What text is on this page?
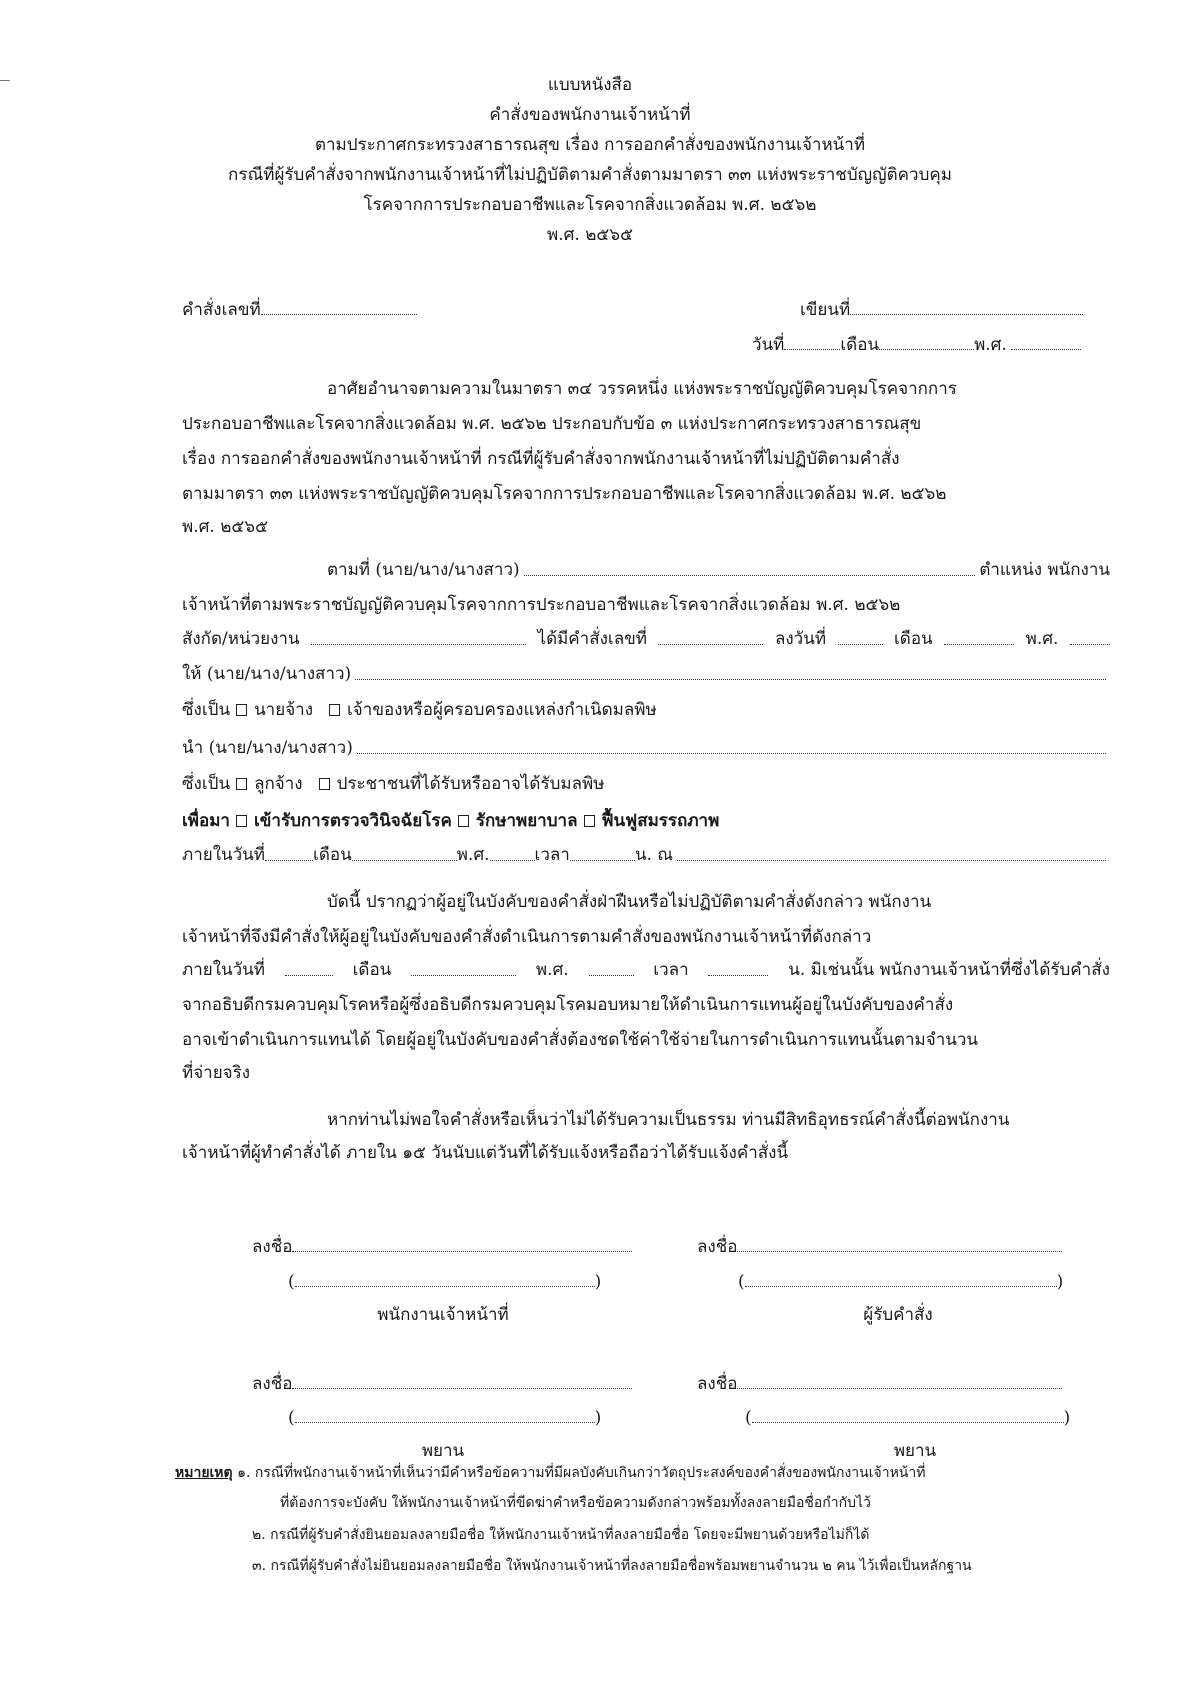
แบบหนังสือ
คำสั่งของพนักงานเจ้าหน้าที่
ตามประกาศกระทรวงสาธารณสุข เรื่อง การออกคำสั่งของพนักงานเจ้าหน้าที่
กรณีที่ผู้รับคำสั่งจากพนักงานเจ้าหน้าที่ไม่ปฏิบัติตามคำสั่งตามมาตรา ๓๓ แห่งพระราชบัญญัติควบคุม
โรคจากการประกอบอาชีพและโรคจากสิ่งแวดล้อม พ.ศ. ๒๕๖๒
พ.ศ. ๒๕๖๕
คำสั่งเลขที่	เขียนที่
วันที่	เดือน	พ.ศ.
อาศัยอำนาจตามความในมาตรา ๓๔ วรรคหนึ่ง แห่งพระราชบัญญัติควบคุมโรคจากการ
ประกอบอาชีพและโรคจากสิ่งแวดล้อม พ.ศ. ๒๕๖๒ ประกอบกับข้อ ๓ แห่งประกาศกระทรวงสาธารณสุข
เรื่อง การออกคำสั่งของพนักงานเจ้าหน้าที่ กรณีที่ผู้รับคำสั่งจากพนักงานเจ้าหน้าที่ไม่ปฏิบัติตามคำสั่ง
ตามมาตรา ๓๓ แห่งพระราชบัญญัติควบคุมโรคจากการประกอบอาชีพและโรคจากสิ่งแวดล้อม พ.ศ. ๒๕๖๒
พ.ศ. ๒๕๖๕
ตามที่ (นาย/นาง/นางสาว)	ตำแหน่ง พนักงาน
เจ้าหน้าที่ตามพระราชบัญญัติควบคุมโรคจากการประกอบอาชีพและโรคจากสิ่งแวดล้อม พ.ศ. ๒๕๖๒
สังกัด/หน่วยงาน	ได้มีคำสั่งเลขที่	ลงวันที่	เดือน	พ.ศ.
ให้ (นาย/นาง/นางสาว)
ซึ่งเป็น นายจ้าง เจ้าของหรือผู้ครอบครองแหล่งกำเนิดมลพิษ
นำ (นาย/นาง/นางสาว)
ซึ่งเป็น ลูกจ้าง ประชาชนที่ได้รับหรืออาจได้รับมลพิษ
เพื่อมา เข้ารับการตรวจวินิจฉัยโรค รักษาพยาบาล ฟื้นฟูสมรรถภาพ
ภายในวันที่	เดือน	พ.ศ.	เวลา	น. ณ
บัดนี้ ปรากฏว่าผู้อยู่ในบังคับของคำสั่งฝ่าฝืนหรือไม่ปฏิบัติตามคำสั่งดังกล่าว พนักงาน
เจ้าหน้าที่จึงมีคำสั่งให้ผู้อยู่ในบังคับของคำสั่งดำเนินการตามคำสั่งของพนักงานเจ้าหน้าที่ดังกล่าว
ภายในวันที่	เดือน	พ.ศ.	เวลา	น. มิเช่นนั้น พนักงานเจ้าหน้าที่ซึ่งได้รับคำสั่ง
จากอธิบดีกรมควบคุมโรคหรือผู้ซึ่งอธิบดีกรมควบคุมโรคมอบหมายให้ดำเนินการแทนผู้อยู่ในบังคับของคำสั่ง
อาจเข้าดำเนินการแทนได้ โดยผู้อยู่ในบังคับของคำสั่งต้องชดใช้ค่าใช้จ่ายในการดำเนินการแทนนั้นตามจำนวน
ที่จ่ายจริง
หากท่านไม่พอใจคำสั่งหรือเห็นว่าไม่ได้รับความเป็นธรรม ท่านมีสิทธิอุทธรณ์คำสั่งนี้ต่อพนักงาน
เจ้าหน้าที่ผู้ทำคำสั่งได้ ภายใน ๑๕ วันนับแต่วันที่ได้รับแจ้งหรือถือว่าได้รับแจ้งคำสั่งนี้
ลงชื่อ
(	)
พนักงานเจ้าหน้าที่
ลงชื่อ
(	)
ผู้รับคำสั่ง
ลงชื่อ
(	)
พยาน
ลงชื่อ
(	)
พยาน
หมายเหตุ ๑. กรณีที่พนักงานเจ้าหน้าที่เห็นว่ามีคำหรือข้อความที่มีผลบังคับเกินกว่าวัตถุประสงค์ของคำสั่งของพนักงานเจ้าหน้าที่
ที่ต้องการจะบังคับ ให้พนักงานเจ้าหน้าที่ขีดฆ่าคำหรือข้อความดังกล่าวพร้อมทั้งลงลายมือชื่อกำกับไว้
๒. กรณีที่ผู้รับคำสั่งยินยอมลงลายมือชื่อ ให้พนักงานเจ้าหน้าที่ลงลายมือชื่อ โดยจะมีพยานด้วยหรือไม่ก็ได้
๓. กรณีที่ผู้รับคำสั่งไม่ยินยอมลงลายมือชื่อ ให้พนักงานเจ้าหน้าที่ลงลายมือชื่อพร้อมพยานจำนวน ๒ คน ไว้เพื่อเป็นหลักฐาน
